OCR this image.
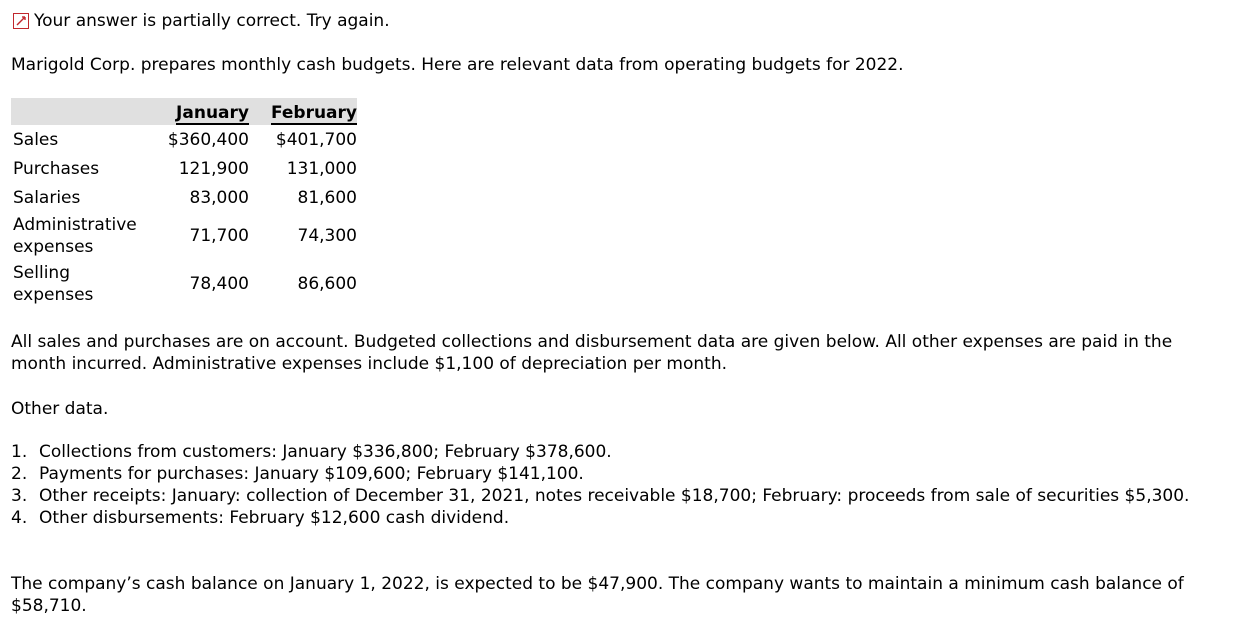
Your answer is partially correct. Try again.
Marigold Corp. prepares monthly cash budgets. Here are relevant data from operating budgets for 2022.
	January	February
Sales	$360,400	$401,700
Purchases	121,900	131,000
Salaries	83,000	81,600
Administrative
expenses	71,700	74,300
Selling
expenses	78,400	86,600
All sales and purchases are on account. Budgeted collections and disbursement data are given below. All other expenses are paid in the month incurred. Administrative expenses include $1,100 of depreciation per month.
Other data.
1. Collections from customers: January $336,800; February $378,600.
2. Payments for purchases: January $109,600; February $141,100.
3. Other receipts: January: collection of December 31, 2021, notes receivable $18,700; February: proceeds from sale of securities $5,300.
4. Other disbursements: February $12,600 cash dividend.
The company’s cash balance on January 1, 2022, is expected to be $47,900. The company wants to maintain a minimum cash balance of $58,710.
